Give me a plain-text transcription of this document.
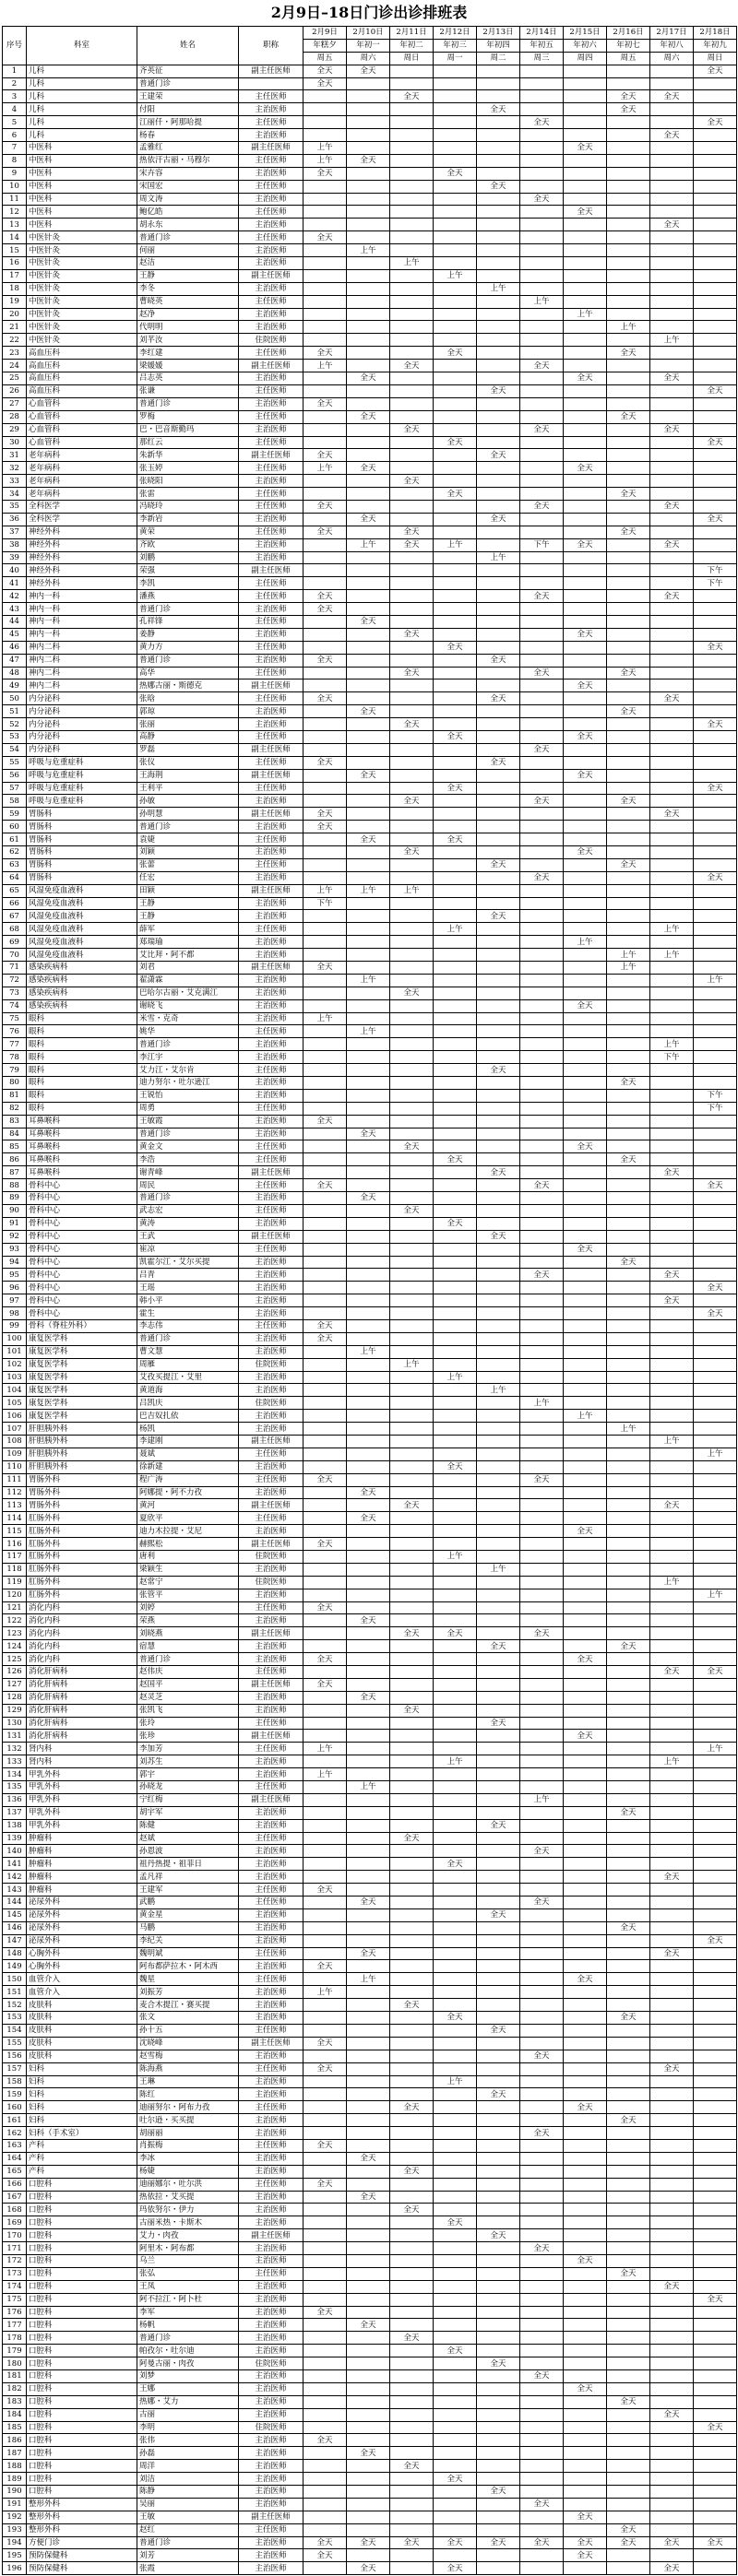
2月9日–18日门诊出诊排班表
序号	科室	姓名	职称	2月9日	2月10日	2月11日	2月12日	2月13日	2月14日	2月15日	2月16日	2月17日	2月18日
				年糕夕	年初一	年初二	年初三	年初四	年初五	年初六	年初七	年初八	年初九
				周五	周六	周日	周一	周二	周三	周四	周五	周六	周日
1	儿科	齐英征	副主任医师	全天	全天								全天
2	儿科	普通门诊		全天									
3	儿科	王建荣	主任医师			全天					全天	全天	
4	儿科	付阳	主治医师					全天			全天		
5	儿科	江丽仟・阿那哈提	主任医师						全天				全天
6	儿科	杨春	主治医师									全天	
7	中医科	孟雅红	副主任医师	上午						全天			
8	中医科	热依汗古丽・马穆尔	主任医师	上午	全天								
9	中医科	宋卉容	主治医师	全天			全天						
10	中医科	宋国宏	主任医师					全天					
11	中医科	周文涛	主治医师						全天				
12	中医科	鲍亿皓	主任医师							全天			
13	中医科	胡永东	主治医师									全天	
14	中医针灸	普通门诊	主任医师	全天									
15	中医针灸	何丽	主治医师		上午								
16	中医针灸	赵洁	主治医师			上午							
17	中医针灸	王静	副主任医师				上午						
18	中医针灸	李冬	主治医师					上午					
19	中医针灸	曹晓英	主任医师						上午				
20	中医针灸	赵净	主治医师							上午			
21	中医针灸	代明明	主治医师								上午		
22	中医针灸	刘芊汝	住院医师									上午	
23	高血压科	李红建	主任医师	全天			全天				全天		
24	高血压科	梁媛媛	副主任医师	上午		全天			全天				
25	高血压科	吕志英	主治医师		全天					全天		全天	
26	高血压科	张谦	主任医师					全天					全天
27	心血管科	普通门诊	主治医师	全天									
28	心血管科	罗梅	主任医师		全天						全天		
29	心血管科	巴・巴音斯勤玛	主治医师			全天			全天			全天	
30	心血管科	那红云	主任医师				全天						全天
31	老年病科	朱新华	副主任医师	全天				全天					
32	老年病科	张玉婷	主任医师	上午	全天					全天			
33	老年病科	张晓阳	主治医师			全天							
34	老年病科	张雷	主任医师				全天				全天		
35	全科医学	冯晓玲	主任医师	全天					全天			全天	
36	全科医学	李新岩	主治医师		全天			全天					全天
37	神经外科	黄荣	主任医师	全天		全天					全天		
38	神经外科	齐欧	主治医师		上午	全天	上午		下午	全天		全天	
39	神经外科	刘鹏	主治医师					上午					
40	神经外科	荣强	副主任医师										下午
41	神经外科	李凯	主任医师										下午
42	神内一科	潘燕	主任医师	全天					全天			全天	
43	神内一科	普通门诊	主治医师	全天									
44	神内一科	孔祥锋	主任医师		全天								
45	神内一科	姜静	主治医师			全天				全天			
46	神内二科	黄力方	主任医师				全天						全天
47	神内二科	普通门诊	主治医师	全天				全天					
48	神内二科	高华	主任医师			全天			全天		全天		
49	神内二科	热娜古丽・斯德克	副主任医师							全天			
50	内分泌科	张晗	主任医师	全天				全天				全天	
51	内分泌科	郭琼	主治医师		全天						全天		
52	内分泌科	张丽	主治医师			全天							全天
53	内分泌科	高静	主任医师				全天			全天			
54	内分泌科	罗磊	副主任医师						全天				
55	呼吸与危重症科	张仪	主任医师	全天				全天					
56	呼吸与危重症科	王海荆	副主任医师		全天					全天			
57	呼吸与危重症科	王利平	主任医师				全天						全天
58	呼吸与危重症科	孙敏	主治医师			全天			全天		全天		
59	胃肠科	孙明慧	副主任医师	全天								全天	
60	胃肠科	普通门诊	主治医师	全天									
61	胃肠科	袁婕	主任医师		全天		全天						
62	胃肠科	刘颖	主治医师			全天				全天			
63	胃肠科	张蕾	主任医师					全天			全天		
64	胃肠科	任宏	主治医师						全天				全天
65	风湿免疫血液科	田颖	副主任医师	上午	上午	上午							
66	风湿免疫血液科	王静	主治医师	下午									
67	风湿免疫血液科	王静	主治医师					全天					
68	风湿免疫血液科	薛军	主任医师				上午					上午	
69	风湿免疫血液科	郑瑞瑜	主治医师							上午			
70	风湿免疫血液科	艾比拜・阿不都	主治医师								上午	上午	
71	感染疾病科	刘君	副主任医师	全天							上午		
72	感染疾病科	翟潇霖	主治医师		上午								上午
73	感染疾病科	巴哈尔古丽・艾克满江	主治医师			全天							
74	感染疾病科	谢晓飞	主治医师							全天			
75	眼科	米雪・克奇	主治医师	上午									
76	眼科	姚华	主任医师		上午								
77	眼科	普通门诊	主治医师									上午	
78	眼科	李江宇	主治医师									下午	
79	眼科	艾力江・艾尔肯	主任医师					全天					
80	眼科	迪力努尔・吐尔逊江	主治医师								全天		
81	眼科	王锐怡	主治医师										下午
82	眼科	周勇	主任医师										下午
83	耳鼻喉科	王敏霞	主治医师	全天									
84	耳鼻喉科	普通门诊	主治医师		全天								
85	耳鼻喉科	黄金文	主任医师			全天				全天			
86	耳鼻喉科	李浩	主任医师				全天				全天		
87	耳鼻喉科	谢青峰	副主任医师					全天				全天	
88	骨科中心	周民	主任医师	全天					全天				全天
89	骨科中心	普通门诊	主治医师		全天								
90	骨科中心	武志宏	主任医师			全天							
91	骨科中心	黄涛	主治医师				全天						
92	骨科中心	王武	副主任医师					全天					
93	骨科中心	崔凉	主任医师							全天			
94	骨科中心	凯霍尔江・艾尔买提	主治医师								全天		
95	骨科中心	吕青	主治医师						全天			全天	
96	骨科中心	王瑶	主治医师										全天
97	骨科中心	韩小平	主治医师									全天	
98	骨科中心	霍生	主治医师										全天
99	骨科（脊柱外科）	李志伟	主任医师	全天									
100	康复医学科	普通门诊	主治医师	全天									
101	康复医学科	曹文慧	主治医师		上午								
102	康复医学科	周雁	住院医师			上午							
103	康复医学科	艾孜买提江・艾里	主治医师				上午						
104	康复医学科	黄道海	主治医师					上午					
105	康复医学科	吕凯庆	住院医师						上午				
106	康复医学科	巴吉奴扎依	主治医师							上午			
107	肝胆胰外科	杨凯	主治医师								上午		
108	肝胆胰外科	李建刚	副主任医师									上午	
109	肝胆胰外科	聂斌	主任医师										上午
110	肝胆胰外科	徐新建	主治医师				全天						
111	胃肠外科	程广涛	主任医师	全天					全天				
112	胃肠外科	阿娜提・阿不力孜	主治医师		全天								
113	胃肠外科	黄河	副主任医师			全天						全天	
114	肛肠外科	夏欣平	主任医师		全天								
115	肛肠外科	迪力木拉提・艾尼	主治医师							全天			
116	肛肠外科	赫熙松	副主任医师	全天									
117	肛肠外科	唐利	住院医师				上午						
118	肛肠外科	梁颖生	主治医师					上午					
119	肛肠外科	赵常宁	住院医师									上午	
120	肛肠外科	张管平	主治医师										上午
121	消化内科	刘婷	主任医师	全天									
122	消化内科	荣燕	主治医师		全天								
123	消化内科	刘晓燕	副主任医师			全天	全天		全天				
124	消化内科	宿慧	主治医师					全天			全天		
125	消化内科	普通门诊	主治医师	全天						全天			
126	消化肝病科	赵伟庆	主任医师									全天	全天
127	消化肝病科	赵国平	副主任医师	全天									
128	消化肝病科	赵灵芝	主治医师		全天								
129	消化肝病科	张凯飞	主治医师			全天							
130	消化肝病科	张玲	主任医师					全天					
131	消化肝病科	张珍	副主任医师							全天			
132	肾内科	李加芳	主任医师	上午									上午
133	肾内科	刘苏生	主治医师				上午					上午	
134	甲乳外科	郭宇	主治医师	上午									
135	甲乳外科	孙晓龙	主任医师		上午								
136	甲乳外科	宁红梅	副主任医师						上午				
137	甲乳外科	胡宇军	主治医师								全天		
138	甲乳外科	陈健	主治医师					全天					
139	肿瘤科	赵斌	主任医师			全天							
140	肿瘤科	孙恩波	主治医师						全天				
141	肿瘤科	祖丹热提・祖菲日	主治医师				全天						
142	肿瘤科	孟凡祥	主治医师									全天	
143	肿瘤科	王建军	主任医师	全天									
144	泌尿外科	武鹏	主任医师		全天				全天				
145	泌尿外科	黄金星	主治医师					全天					
146	泌尿外科	马鹏	主治医师								全天		
147	泌尿外科	李纪关	主治医师										全天
148	心胸外科	魏明斌	主任医师		全天							全天	
149	心胸外科	阿布都萨拉木・阿木西	主治医师	全天									
150	血管介入	魏星	主任医师		上午					全天			
151	血管介入	刘振芳	主治医师	上午									
152	皮肤科	麦合木提江・赛买提	主治医师			全天							
153	皮肤科	张文	主治医师				全天				全天		
154	皮肤科	孙十五	主任医师					全天					
155	皮肤科	沈晓峰	副主任医师	全天									
156	皮肤科	赵雪梅	主治医师						全天				
157	妇科	陈海燕	主任医师	全天								全天	
158	妇科	王琳	主治医师				上午						
159	妇科	陈红	主治医师					全天					
160	妇科	迪丽努尔・阿布力孜	主任医师			全天				全天			
161	妇科	吐尔逊・买买提	主治医师								全天		
162	妇科（手术室）	胡丽丽	主治医师						全天				
163	产科	肖振梅	主任医师	全天									
164	产科	李冰	主治医师		全天								
165	产科	杨婕	主治医师			全天							
166	口腔科	迪丽娜尔・吐尔洪	主任医师	全天									
167	口腔科	热依拉・艾买提	主治医师		全天								
168	口腔科	玛依努尔・伊力	主治医师			全天							
169	口腔科	古丽米热・卡斯木	主治医师				全天						
170	口腔科	艾力・肉孜	副主任医师					全天					
171	口腔科	阿里木・阿布都	主治医师						全天				
172	口腔科	乌兰	主治医师							全天			
173	口腔科	张弘	主任医师								全天		
174	口腔科	王凤	主治医师									全天	
175	口腔科	阿不拉江・阿卜杜	主治医师										全天
176	口腔科	李军	主治医师	全天									
177	口腔科	杨帆	主治医师		全天								
178	口腔科	普通门诊	主治医师			全天							
179	口腔科	帕孜尔・吐尔迪	主治医师				全天						
180	口腔科	阿曼古丽・肉孜	住院医师					全天					
181	口腔科	刘梦	主治医师						全天				
182	口腔科	王娜	主治医师							全天			
183	口腔科	热娜・艾力	主治医师								全天		
184	口腔科	古丽	主治医师									全天	
185	口腔科	李明	住院医师										全天
186	口腔科	张伟	主治医师	全天									
187	口腔科	孙磊	主治医师		全天								
188	口腔科	周洋	主治医师			全天							
189	口腔科	刘洁	主治医师				全天						
190	口腔科	陈静	主治医师					全天					
191	整形外科	吴丽	主治医师						全天				
192	整形外科	王敏	副主任医师							全天			
193	整形外科	赵红	主任医师								全天		
194	方便门诊	普通门诊	主治医师	全天	全天	全天	全天	全天	全天	全天	全天	全天	全天
195	预防保健科	刘芳	主治医师	全天						全天			
196	预防保健科	张霞	主治医师		全天		全天					全天	
